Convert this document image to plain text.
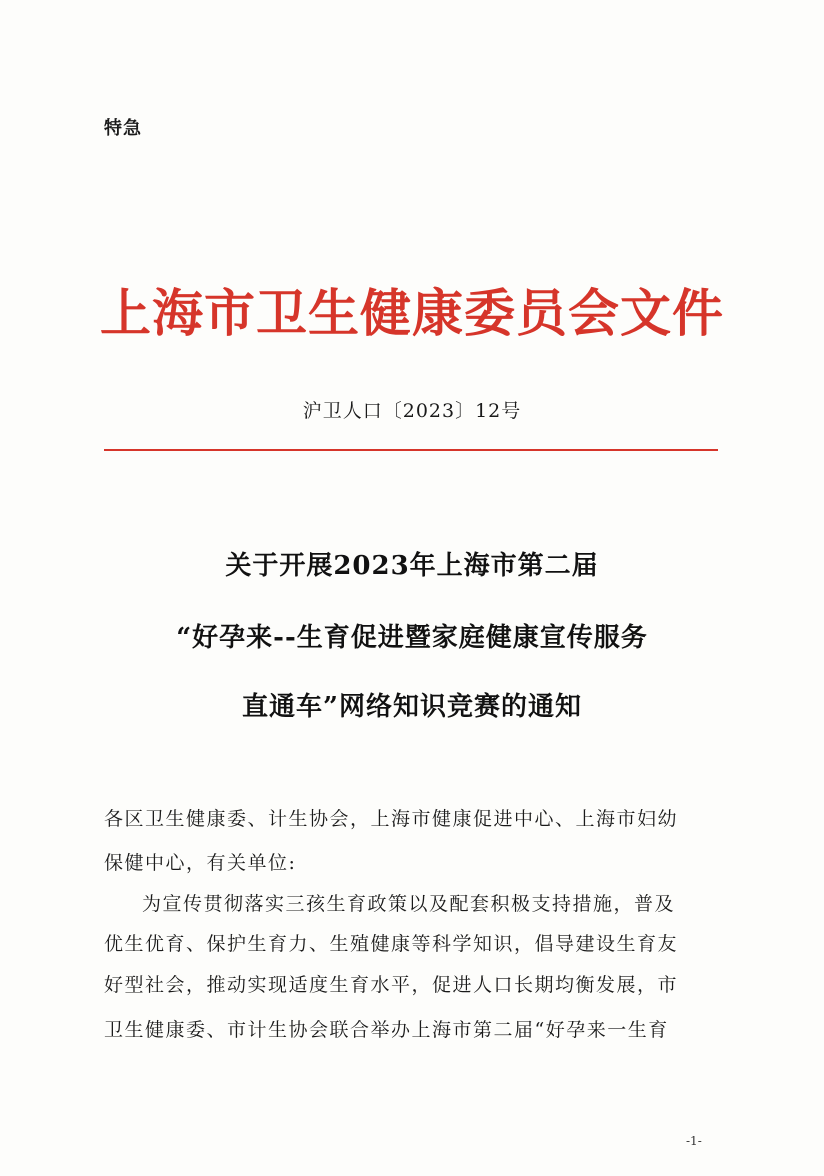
特急
上海市卫生健康委员会文件
沪卫人口〔2023〕12号
关于开展2023年上海市第二届
“好孕来--生育促进暨家庭健康宣传服务
直通车”网络知识竞赛的通知
各区卫生健康委、计生协会，上海市健康促进中心、上海市妇幼
保健中心，有关单位:
为宣传贯彻落实三孩生育政策以及配套积极支持措施，普及
优生优育、保护生育力、生殖健康等科学知识，倡导建设生育友
好型社会，推动实现适度生育水平，促进人口长期均衡发展，市
卫生健康委、市计生协会联合举办上海市第二届“好孕来一生育
-1-
